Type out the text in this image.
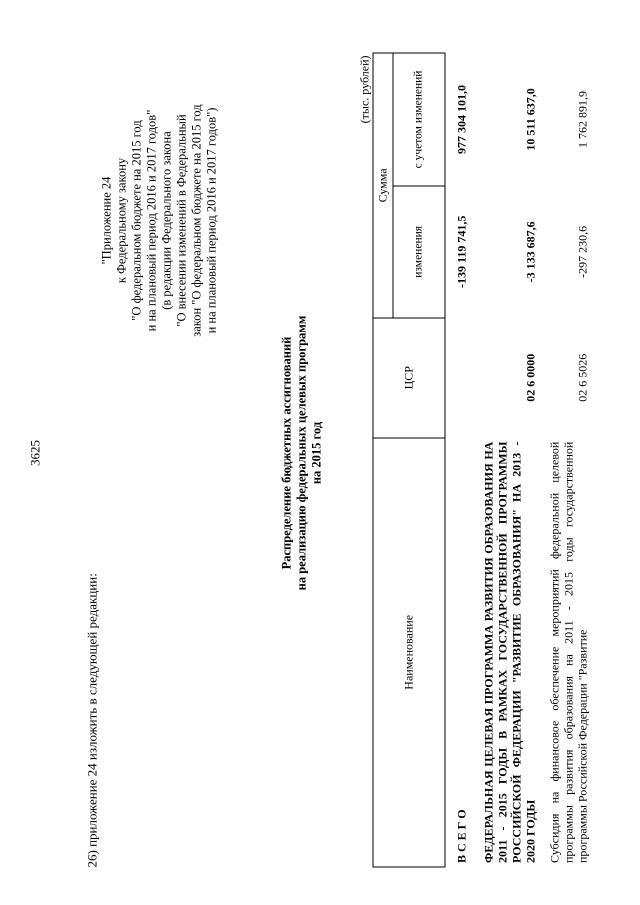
3625
26) приложение 24 изложить в следующей редакции:
"Приложение 24 к Федеральному закону "О федеральном бюджете на 2015 год и на плановый период 2016 и 2017 годов" (в редакции Федерального закона "О внесении изменений в Федеральный закон "О федеральном бюджете на 2015 год и на плановый период 2016 и 2017 годов")
Распределение бюджетных ассигнований на реализацию федеральных целевых программ на 2015 год
(тыс. рублей)
Наименование	ЦСР	Сумма	
		изменения	с учетом изменений
В С Е Г О		-139 119 741,5	977 304 101,0
ФЕДЕРАЛЬНАЯ ЦЕЛЕВАЯ ПРОГРАММА РАЗВИТИЯ ОБРАЗОВАНИЯ НА 2011 - 2015 ГОДЫ В РАМКАХ ГОСУДАРСТВЕННОЙ ПРОГРАММЫ РОССИЙСКОЙ ФЕДЕРАЦИИ "РАЗВИТИЕ ОБРАЗОВАНИЯ" НА 2013 - 2020 ГОДЫ	02 6 0000	-3 133 687,6	10 511 637,0
Субсидия на финансовое обеспечение мероприятий федеральной целевой программы развития образования на 2011 - 2015 годы государственной программы Российской Федерации "Развитие	02 6 5026	-297 230,6	1 762 891,9
